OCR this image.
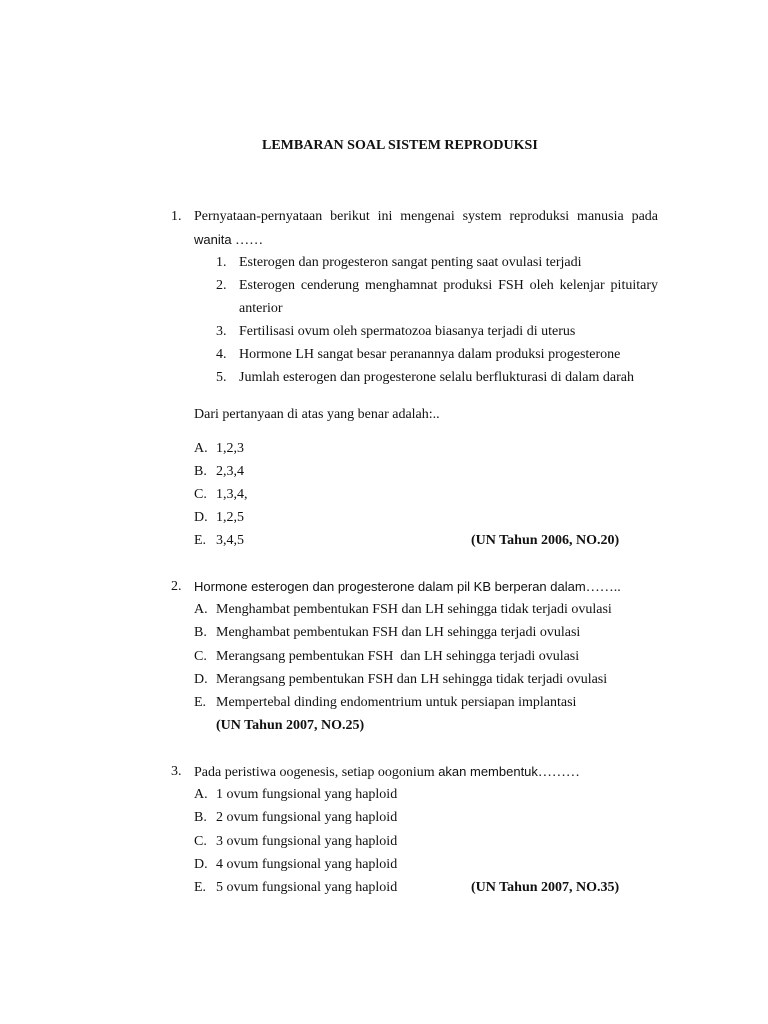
LEMBARAN SOAL SISTEM REPRODUKSI
1. Pernyataan-pernyataan berikut ini mengenai system reproduksi manusia pada
wanita ……
1. Esterogen dan progesteron sangat penting saat ovulasi terjadi
2. Esterogen cenderung menghamnat produksi FSH oleh kelenjar pituitary
anterior
3. Fertilisasi ovum oleh spermatozoa biasanya terjadi di uterus
4. Hormone LH sangat besar peranannyа dalam produksi progesterone
5. Jumlah esterogen dan progesterone selalu berflukturasi di dalam darah
Dari pertanyaan di atas yang benar adalah:..
A. 1,2,3
B. 2,3,4
C. 1,3,4,
D. 1,2,5
E. 3,4,5	(UN Tahun 2006, NO.20)
2. Hormone esterogen dan progesterone dalam pil KB berperan dalam……..
A. Menghambat pembentukan FSH dan LH sehingga tidak terjadi ovulasi
B. Menghambat pembentukan FSH dan LH sehingga terjadi ovulasi
C. Merangsang pembentukan FSH  dan LH sehingga terjadi ovulasi
D. Merangsang pembentukan FSH dan LH sehingga tidak terjadi ovulasi
E. Mempertebal dinding endomentrium untuk persiapan implantasi
(UN Tahun 2007, NO.25)
3. Pada peristiwa oogenesis, setiap oogonium akan membentuk………
A. 1 ovum fungsional yang haploid
B. 2 ovum fungsional yang haploid
C. 3 ovum fungsional yang haploid
D. 4 ovum fungsional yang haploid
E. 5 ovum fungsional yang haploid	(UN Tahun 2007, NO.35)
